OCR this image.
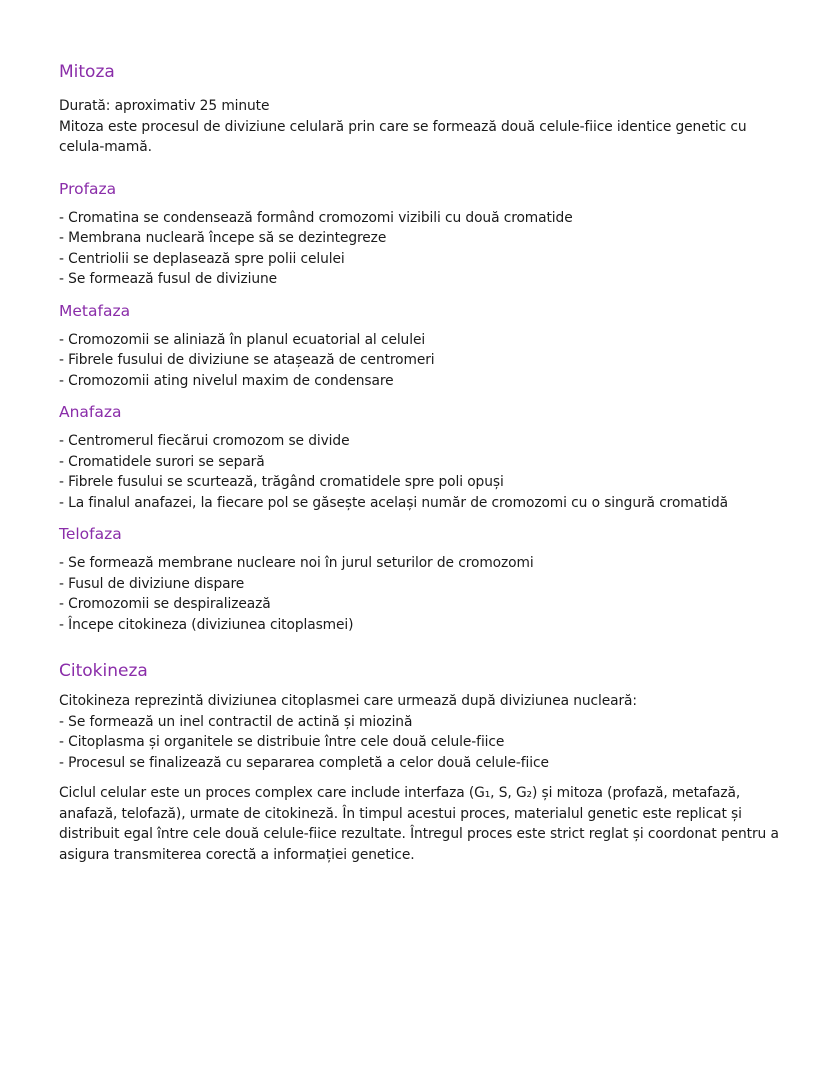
Mitoza

Durată: aproximativ 25 minute

Mitoza este procesul de diviziune celulară prin care se formează două celule-fiice identice genetic cu celula-mamă.

Profaza
- Cromatina se condensează formând cromozomi vizibili cu două cromatide
- Membrana nucleară începe să se dezintegreze
- Centriolii se deplasează spre polii celulei
- Se formează fusul de diviziune
Metafaza
- Cromozomii se aliniază în planul ecuatorial al celulei
- Fibrele fusului de diviziune se atașează de centromeri
- Cromozomii ating nivelul maxim de condensare
Anafaza
- Centromerul fiecărui cromozom se divide
- Cromatidele surori se separă
- Fibrele fusului se scurtează, trăgând cromatidele spre poli opuși
- La finalul anafazei, la fiecare pol se găsește același număr de cromozomi cu o singură cromatidă
Telofaza
- Se formează membrane nucleare noi în jurul seturilor de cromozomi
- Fusul de diviziune dispare
- Cromozomii se despiralizează
- Începe citokineza (diviziunea citoplasmei)
Citokineza

Citokineza reprezintă diviziunea citoplasmei care urmează după diviziunea nucleară:

- Se formează un inel contractil de actină și miozină
- Citoplasma și organitele se distribuie între cele două celule-fiice
- Procesul se finalizează cu separarea completă a celor două celule-fiice

Ciclul celular este un proces complex care include interfaza (G₁, S, G₂) și mitoza (profază, metafază, anafază, telofază), urmate de citokineză. În timpul acestui proces, materialul genetic este replicat și distribuit egal între cele două celule-fiice rezultate. Întregul proces este strict reglat și coordonat pentru a asigura transmiterea corectă a informației genetice.
